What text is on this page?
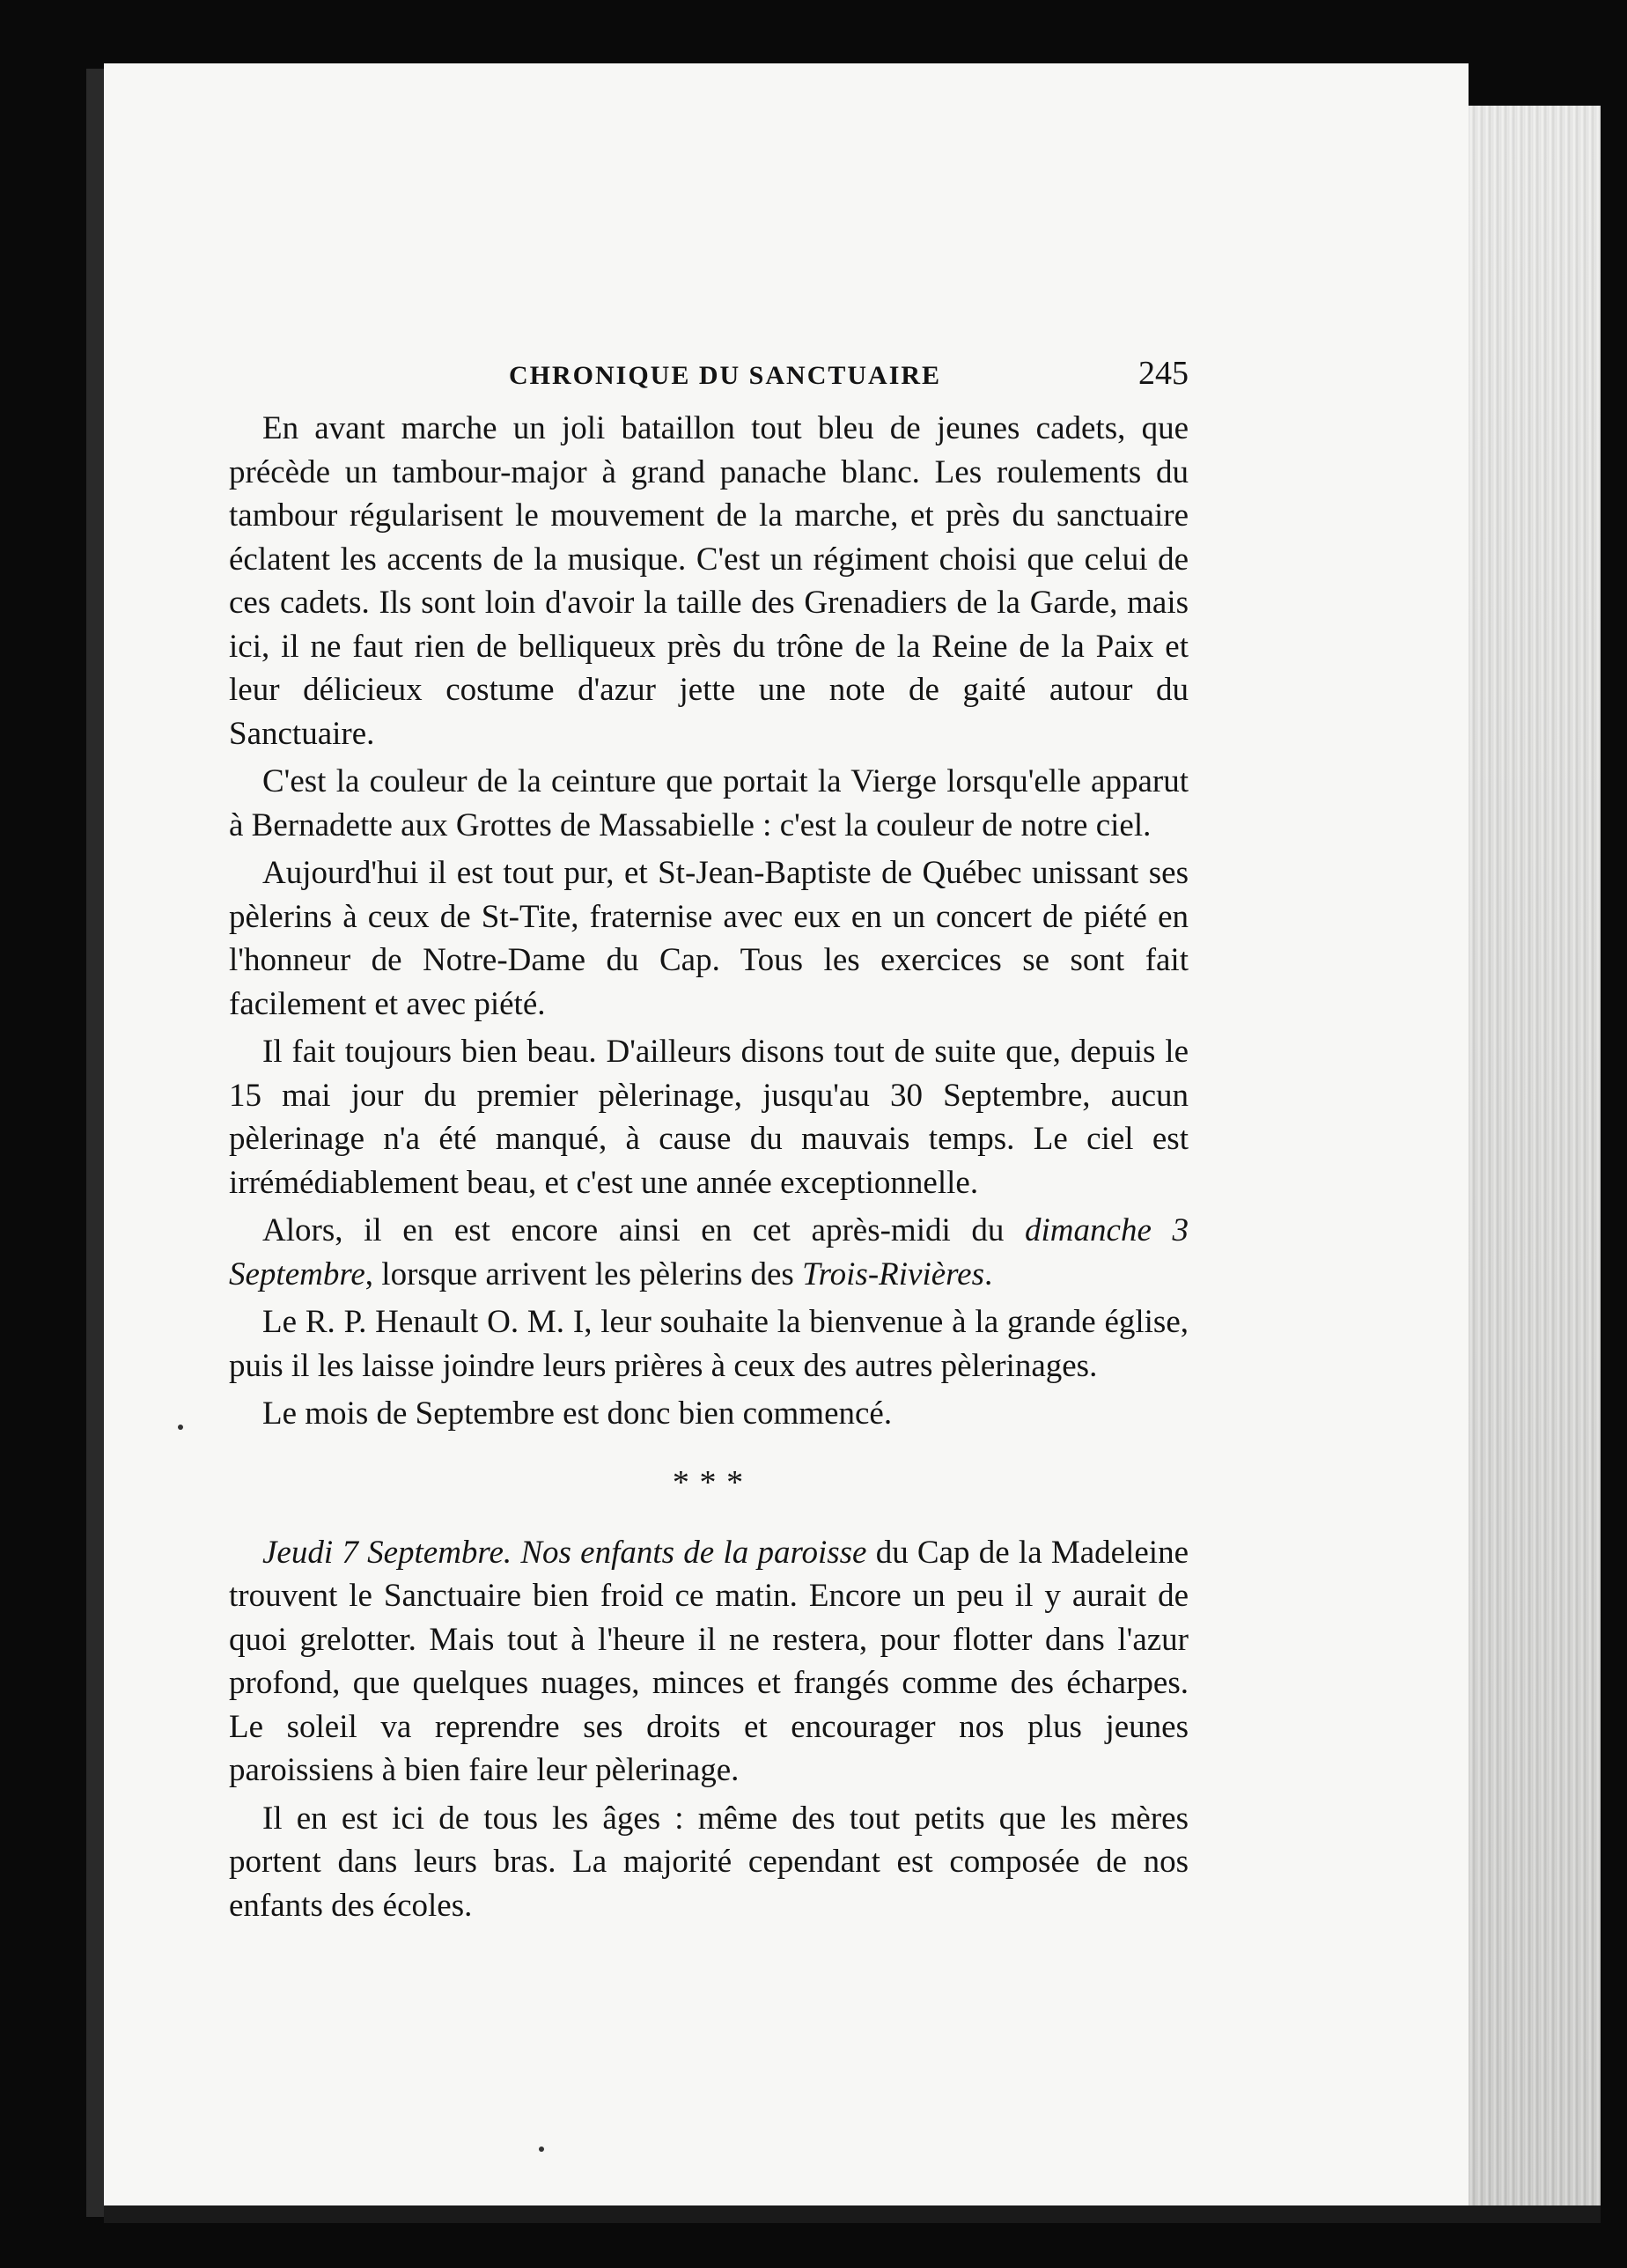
CHRONIQUE DU SANCTUAIRE	245

En avant marche un joli bataillon tout bleu de jeunes cadets, que précède un tambour-major à grand panache blanc. Les roulements du tambour régularisent le mouvement de la marche, et près du sanctuaire éclatent les accents de la musique. C'est un régiment choisi que celui de ces cadets. Ils sont loin d'avoir la taille des Grenadiers de la Garde, mais ici, il ne faut rien de belliqueux près du trône de la Reine de la Paix et leur délicieux costume d'azur jette une note de gaité autour du Sanctuaire.

C'est la couleur de la ceinture que portait la Vierge lorsqu'elle apparut à Bernadette aux Grottes de Massabielle : c'est la couleur de notre ciel.

Aujourd'hui il est tout pur, et St-Jean-Baptiste de Québec unissant ses pèlerins à ceux de St-Tite, fraternise avec eux en un concert de piété en l'honneur de Notre-Dame du Cap. Tous les exercices se sont fait facilement et avec piété.

Il fait toujours bien beau. D'ailleurs disons tout de suite que, depuis le 15 mai jour du premier pèlerinage, jusqu'au 30 Septembre, aucun pèlerinage n'a été manqué, à cause du mauvais temps. Le ciel est irrémédiablement beau, et c'est une année exceptionnelle.

Alors, il en est encore ainsi en cet après-midi du dimanche 3 Septembre, lorsque arrivent les pèlerins des Trois-Rivières.

Le R. P. Henault O. M. I, leur souhaite la bienvenue à la grande église, puis il les laisse joindre leurs prières à ceux des autres pèlerinages.

Le mois de Septembre est donc bien commencé.

* * *

Jeudi 7 Septembre. Nos enfants de la paroisse du Cap de la Madeleine trouvent le Sanctuaire bien froid ce matin. Encore un peu il y aurait de quoi grelotter. Mais tout à l'heure il ne restera, pour flotter dans l'azur profond, que quelques nuages, minces et frangés comme des écharpes. Le soleil va reprendre ses droits et encourager nos plus jeunes paroissiens à bien faire leur pèlerinage.

Il en est ici de tous les âges : même des tout petits que les mères portent dans leurs bras. La majorité cependant est composée de nos enfants des écoles.
